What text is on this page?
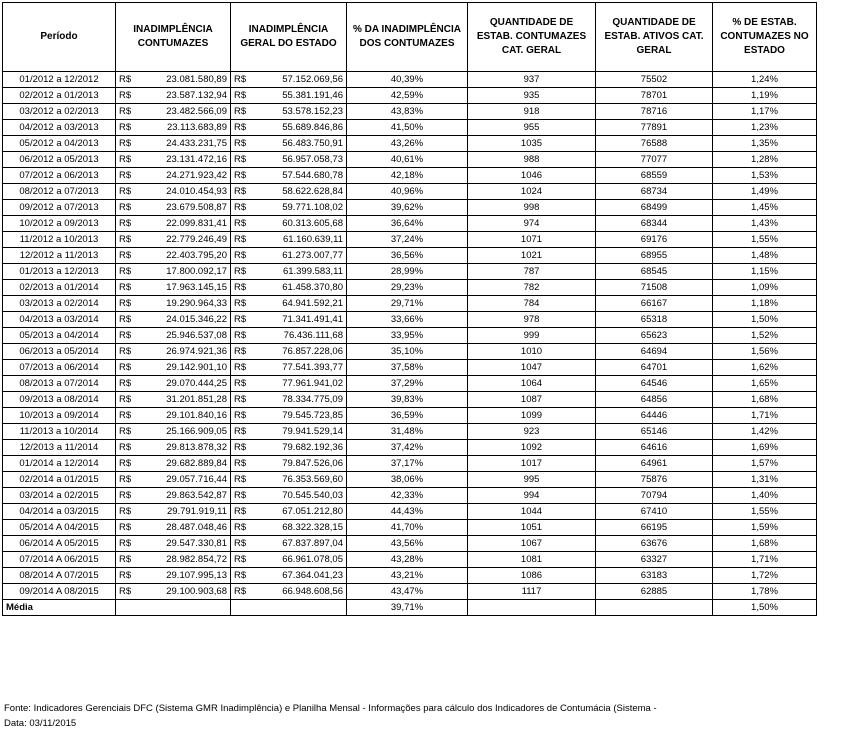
Período	INADIMPLÊNCIA CONTUMAZES	INADIMPLÊNCIA GERAL DO ESTADO	% DA INADIMPLÊNCIA DOS CONTUMAZES	QUANTIDADE DE ESTAB. CONTUMAZES CAT. GERAL	QUANTIDADE DE ESTAB. ATIVOS CAT. GERAL	% DE ESTAB. CONTUMAZES NO ESTADO
01/2012 a 12/2012	R$ 23.081.580,89	R$ 57.152.069,56	40,39%	937	75502	1,24%
02/2012 a 01/2013	R$ 23.587.132,94	R$ 55.381.191,46	42,59%	935	78701	1,19%
03/2012 a 02/2013	R$ 23.482.566,09	R$ 53.578.152,23	43,83%	918	78716	1,17%
04/2012 a 03/2013	R$ 23.113.683,89	R$ 55.689.846,86	41,50%	955	77891	1,23%
05/2012 a 04/2013	R$ 24.433.231,75	R$ 56.483.750,91	43,26%	1035	76588	1,35%
06/2012 a 05/2013	R$ 23.131.472,16	R$ 56.957.058,73	40,61%	988	77077	1,28%
07/2012 a 06/2013	R$ 24.271.923,42	R$ 57.544.680,78	42,18%	1046	68559	1,53%
08/2012 a 07/2013	R$ 24.010.454,93	R$ 58.622.628,84	40,96%	1024	68734	1,49%
09/2012 a 07/2013	R$ 23.679.508,87	R$ 59.771.108,02	39,62%	998	68499	1,45%
10/2012 a 09/2013	R$ 22.099.831,41	R$ 60.313.605,68	36,64%	974	68344	1,43%
11/2012 a 10/2013	R$ 22.779.246,49	R$ 61.160.639,11	37,24%	1071	69176	1,55%
12/2012 a 11/2013	R$ 22.403.795,20	R$ 61.273.007,77	36,56%	1021	68955	1,48%
01/2013 a 12/2013	R$ 17.800.092,17	R$ 61.399.583,11	28,99%	787	68545	1,15%
02/2013 a 01/2014	R$ 17.963.145,15	R$ 61.458.370,80	29,23%	782	71508	1,09%
03/2013 a 02/2014	R$ 19.290.964,33	R$ 64.941.592,21	29,71%	784	66167	1,18%
04/2013 a 03/2014	R$ 24.015.346,22	R$ 71.341.491,41	33,66%	978	65318	1,50%
05/2013 a 04/2014	R$ 25.946.537,08	R$ 76.436.111,68	33,95%	999	65623	1,52%
06/2013 a 05/2014	R$ 26.974.921,36	R$ 76.857.228,06	35,10%	1010	64694	1,56%
07/2013 a 06/2014	R$ 29.142.901,10	R$ 77.541.393,77	37,58%	1047	64701	1,62%
08/2013 a 07/2014	R$ 29.070.444,25	R$ 77.961.941,02	37,29%	1064	64546	1,65%
09/2013 a 08/2014	R$ 31.201.851,28	R$ 78.334.775,09	39,83%	1087	64856	1,68%
10/2013 a 09/2014	R$ 29.101.840,16	R$ 79.545.723,85	36,59%	1099	64446	1,71%
11/2013 a 10/2014	R$ 25.166.909,05	R$ 79.941.529,14	31,48%	923	65146	1,42%
12/2013 a 11/2014	R$ 29.813.878,32	R$ 79.682.192,36	37,42%	1092	64616	1,69%
01/2014 a 12/2014	R$ 29.682.889,84	R$ 79.847.526,06	37,17%	1017	64961	1,57%
02/2014 a 01/2015	R$ 29.057.716,44	R$ 76.353.569,60	38,06%	995	75876	1,31%
03/2014 a 02/2015	R$ 29.863.542,87	R$ 70.545.540,03	42,33%	994	70794	1,40%
04/2014 a 03/2015	R$ 29.791.919,11	R$ 67.051.212,80	44,43%	1044	67410	1,55%
05/2014 A 04/2015	R$ 28.487.048,46	R$ 68.322.328,15	41,70%	1051	66195	1,59%
06/2014 A 05/2015	R$ 29.547.330,81	R$ 67.837.897,04	43,56%	1067	63676	1,68%
07/2014 A 06/2015	R$ 28.982.854,72	R$ 66.961.078,05	43,28%	1081	63327	1,71%
08/2014 A 07/2015	R$ 29.107.995,13	R$ 67.364.041,23	43,21%	1086	63183	1,72%
09/2014 A 08/2015	R$ 29.100.903,68	R$ 66.948.608,56	43,47%	1117	62885	1,78%
Média			39,71%			1,50%
Fonte: Indicadores Gerenciais DFC (Sistema GMR Inadimplência) e Planilha Mensal - Informações para cálculo dos Indicadores de Contumácia (Sistema -
Data: 03/11/2015
